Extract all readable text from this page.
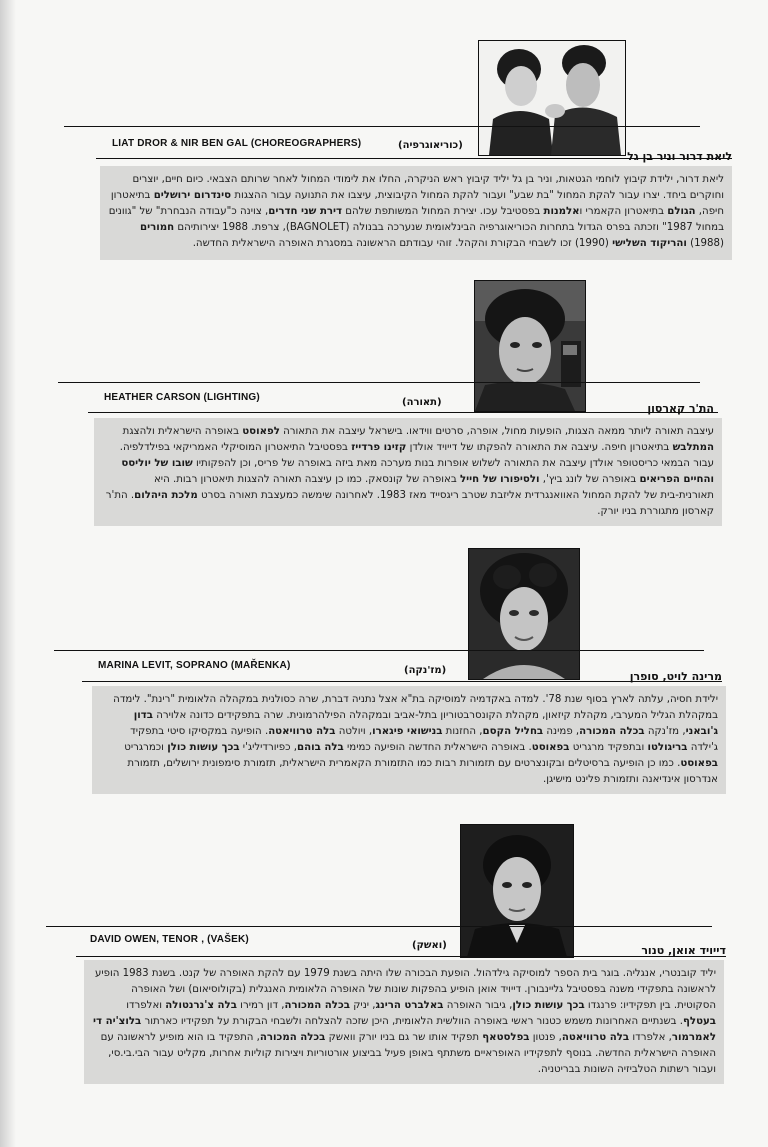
LIAT DROR & NIR BEN GAL (CHOREOGRAPHERS)	(כוריאוגרפיה)
ליאת דרור וניר בן גל
ליאת דרור, ילידת קיבוץ לוחמי הגטאות, וניר בן גל יליד קיבוץ ראש הניקרה, החלו את לימודי המחול לאחר שרותם הצבאי. כיום חיים, יוצרים וחוקרים ביחד. יצרו עבור להקת המחול "בת שבע" ועבור להקת המחול הקיבוצית, עיצבו את התנועה עבור ההצגות סינדרום ירושלים בתיאטרון חיפה, הגולם בתיאטרון הקאמרי ואלמנות בפסטיבל עכו. יצירת המחול המשותפת שלהם דירת שני חדרים, צוינה כ"עבודה הנבחרת" של "גוונים במחול 1987" וזכתה בפרס הגדול בתחרות הכוריאוגרפיה הבינלאומית שנערכה בבנולה (BAGNOLET), צרפת. 1988 יצירותיהם חמורים (1988) והריקוד השלישי (1990) זכו לשבחי הבקורת והקהל. זוהי עבודתם הראשונה במסגרת האופרה הישראלית החדשה.
HEATHER CARSON (LIGHTING)	(תאורה)	הת'ר קארסון
עיצבה תאורה ליותר ממאה הצגות, הופעות מחול, אופרה, סרטים ווידאו. בישראל עיצבה את התאורה לפאוסט באופרה הישראלית ולהצגת המתלבש בתיאטרון חיפה. עיצבה את התאורה להפקתו של דייויד אולדן קזינו פרדייז בפסטיבל התיאטרון המוסיקלי האמריקאי בפילדלפיה. עבור הבמאי כריסטופר אולדן עיצבה את התאורה לשלוש אופרות בנות מערכה מאת ביזה באופרה של פריס, וכן להפקותיו שובו של יוליסס והחיים הפריאים באופרה של לונג ביץ', ולסיפורו של חייל באופרה של קונסאק. כמו כן עיצבה תאורה להצגות תיאטרון רבות. היא תאורנית-בית של להקת המחול האוואנגרדית אליזבת שטרב ריגסייד מאז 1983. לאחרונה שימשה כמעצבת תאורה בסרט מלכת היהלום. הת'ר קארסון מתגוררת בניו יורק.
MARINA LEVIT, SOPRANO (MAŘENKA)	(מז'נקה)	מרינה לויט, סופרן
ילידת חסיה, עלתה לארץ בסוף שנת 78'. למדה באקדמיה למוסיקה בת"א אצל נתניה דברת, שרה כסולנית במקהלה הלאומית "רינת". לימדה במקהלת הגליל המערבי, מקהלת קיזאון, מקהלת הקונסרבטוריון בתל-אביב ובמקהלה הפילהרמונית. שרה בתפקידים כדונה אלוירה בדון ג'ובאני, מז'נקה בכלה המכורה, פמינה בחליל הקסם, החזנות בנישואי פיגארו, ויולטה בלה טרוויאטה. הופיעה במקסיקו סיטי בתפקיד ג'ילדה בריגולטו ובתפקיד מרגריט בפאוסט. באופרה הישראלית החדשה הופיעה כמימי בלה בוהם, כפיורדיליג'י בכך עושות כולן וכמרגריט בפאוסט. כמו כן הופיעה ברסיטלים ובקונצרטים עם תזמורות רבות כמו התזמורת הקאמרית הישראלית, תזמורת סימפונית ירושלים, תזמורת אנדרסון אינדיאנה ותזמורת פלינט מישיגן.
DAVID OWEN, TENOR , (VAŠEK)
(ואשק)	דייויד אואן, טנור
יליד קובנטרי, אנגליה. בוגר בית הספר למוסיקה גילדהול. הופעת הבכורה שלו היתה בשנת 1979 עם להקת האופרה של קנט. בשנת 1983 הופיע לראשונה בתפקידי משנה בפסטיבל גליינבורן. דייויד אואן הופיע בהפקות שונות של האופרה הלאומית האנגלית (בקולוסיאום) ושל האופרה הסקוטית. בין תפקידיו: פרנגדו בכך עושות כולן, גיבור האופרה באלברט הרינג, יניק בכלה המכורה, דון רמירו בלה צ'נרנטולה ואלפרדו בעטלף. בשנתיים האחרונות משמש כטנור ראשי באופרה הוולשית הלאומית, היכן שזכה להצלחה ולשבחי הבקורת על תפקידיו כארתור בלוצ'יה די לאמרמור, אלפרדו בלה טרוויאטה, פנטון בפלסטאף תפקיד אותו שר גם בניו יורק וואשק בכלה המכורה, התפקיד בו הוא מופיע לראשונה עם האופרה הישראלית החדשה. בנוסף לתפקידיו האופראיים משתתף באופן פעיל בביצוע אורטוריות ויצירות קוליות אחרות, מקליט עבור הבי.בי.סי, ועבור רשתות הטלביזיה השונות בבריטניה.
